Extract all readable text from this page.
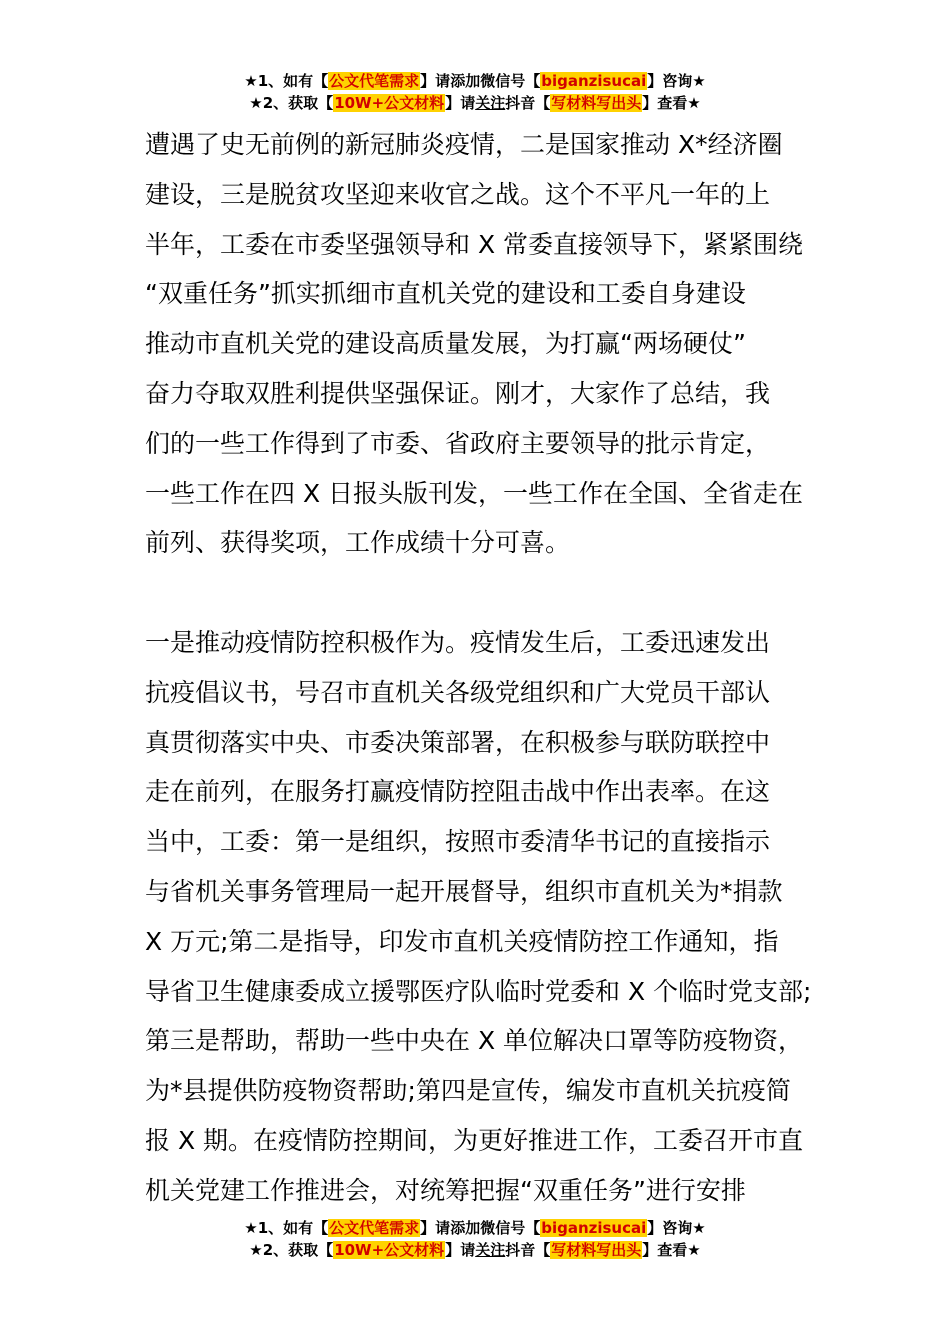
★1、如有【公文代笔需求】请添加微信号【biganzisucai】咨询★
★2、获取【10W+公文材料】请关注抖音【写材料写出头】查看★

遭遇了史无前例的新冠肺炎疫情，二是国家推动 X*经济圈
建设，三是脱贫攻坚迎来收官之战。这个不平凡一年的上
半年，工委在市委坚强领导和 X 常委直接领导下，紧紧围绕
“双重任务”抓实抓细市直机关党的建设和工委自身建设
推动市直机关党的建设高质量发展，为打赢“两场硬仗”
奋力夺取双胜利提供坚强保证。刚才，大家作了总结，我
们的一些工作得到了市委、省政府主要领导的批示肯定，
一些工作在四 X 日报头版刊发，一些工作在全国、全省走在
前列、获得奖项，工作成绩十分可喜。

一是推动疫情防控积极作为。疫情发生后，工委迅速发出
抗疫倡议书，号召市直机关各级党组织和广大党员干部认
真贯彻落实中央、市委决策部署，在积极参与联防联控中
走在前列，在服务打赢疫情防控阻击战中作出表率。在这
当中，工委：第一是组织，按照市委清华书记的直接指示
与省机关事务管理局一起开展督导，组织市直机关为*捐款
X 万元;第二是指导，印发市直机关疫情防控工作通知，指
导省卫生健康委成立援鄂医疗队临时党委和 X 个临时党支部;
第三是帮助，帮助一些中央在 X 单位解决口罩等防疫物资，
为*县提供防疫物资帮助;第四是宣传，编发市直机关抗疫简
报 X 期。在疫情防控期间，为更好推进工作，工委召开市直
机关党建工作推进会，对统筹把握“双重任务”进行安排

★1、如有【公文代笔需求】请添加微信号【biganzisucai】咨询★
★2、获取【10W+公文材料】请关注抖音【写材料写出头】查看★
